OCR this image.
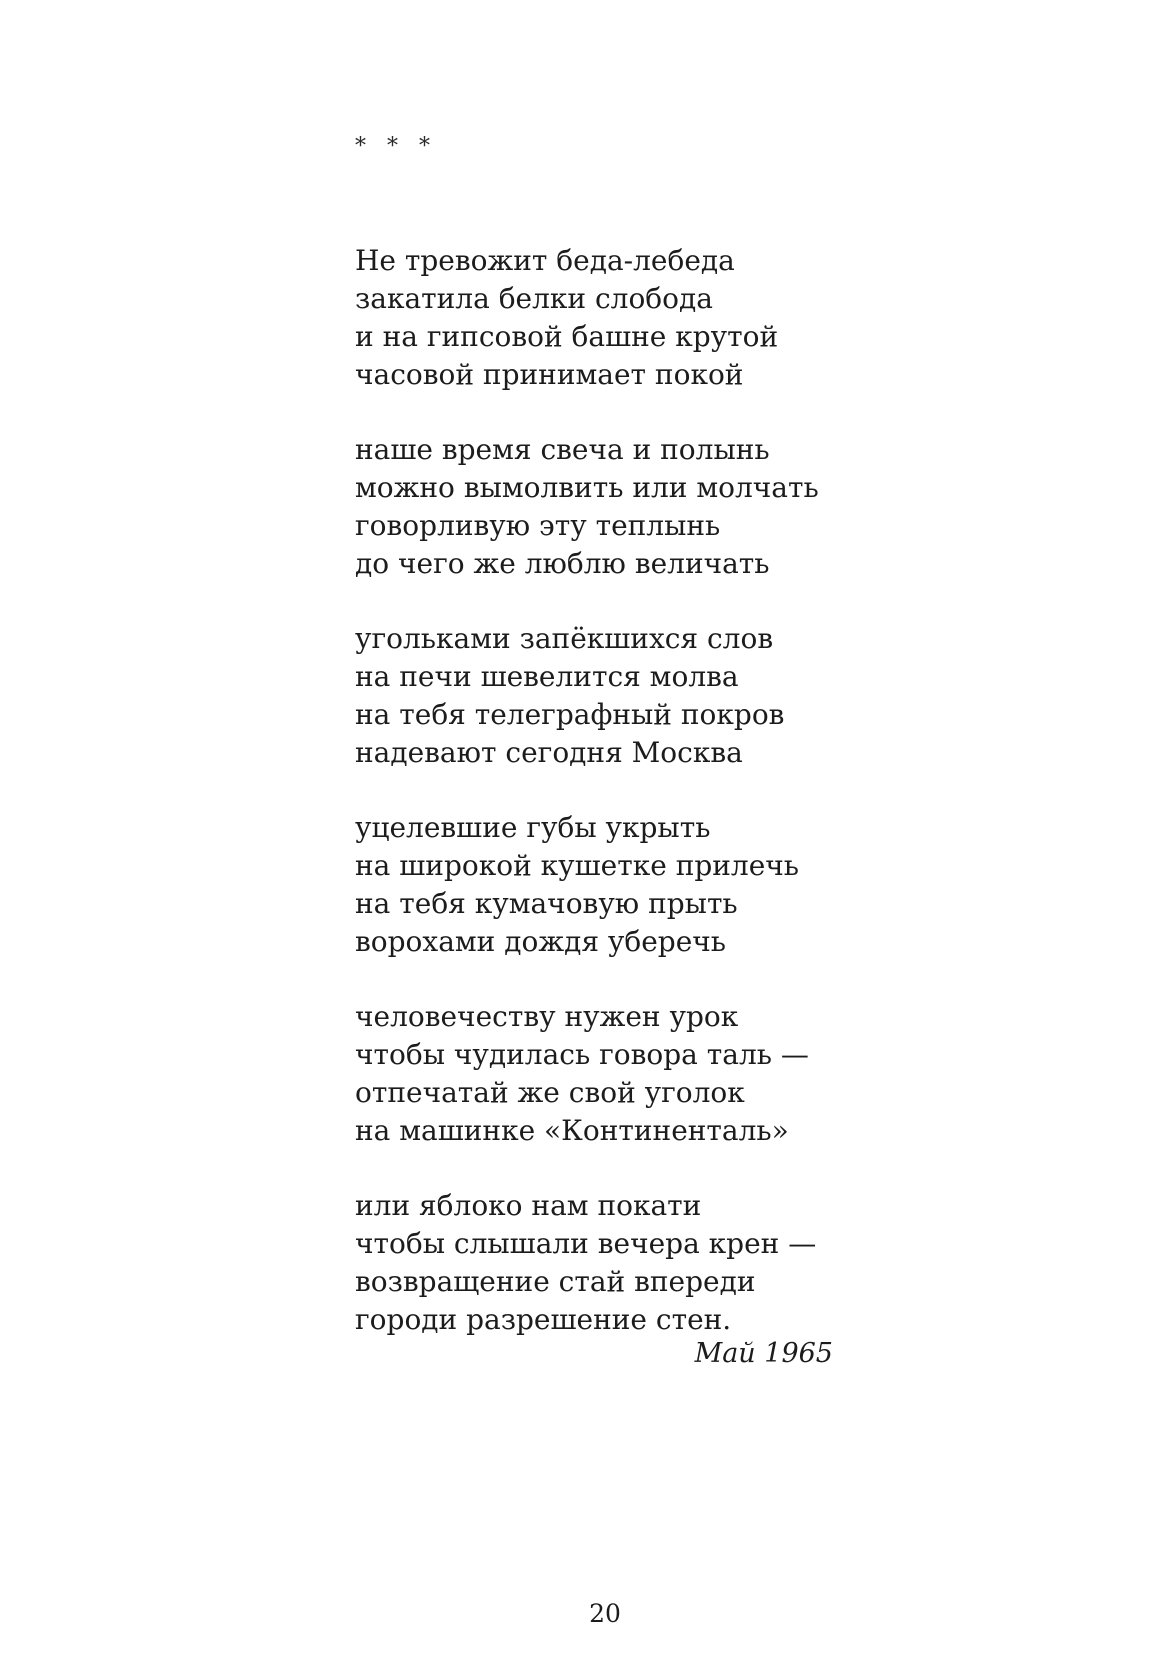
* * *
Не тревожит беда-лебеда
закатила белки слобода
и на гипсовой башне крутой
часовой принимает покой
наше время свеча и полынь
можно вымолвить или молчать
говорливую эту теплынь
до чего же люблю величать
угольками запёкшихся слов
на печи шевелится молва
на тебя телеграфный покров
надевают сегодня Москва
уцелевшие губы укрыть
на широкой кушетке прилечь
на тебя кумачовую прыть
ворохами дождя уберечь
человечеству нужен урок
чтобы чудилась говора таль —
отпечатай же свой уголок
на машинке «Континенталь»
или яблоко нам покати
чтобы слышали вечера крен —
возвращение стай впереди
городи разрешение стен.
Май 1965
20
